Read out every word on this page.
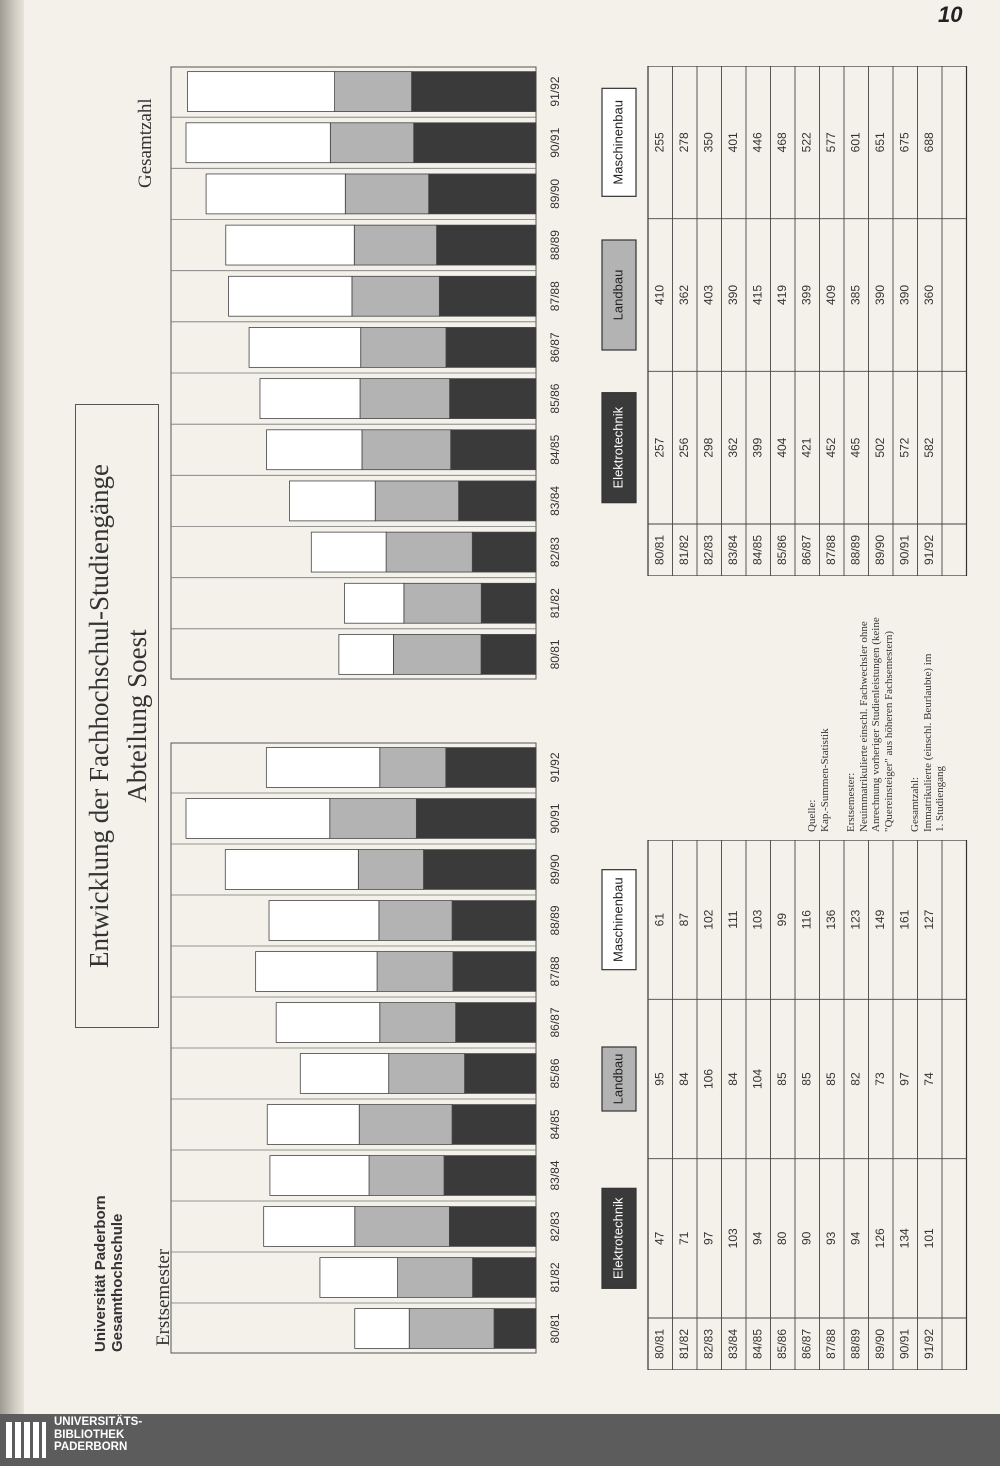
10
Universität Paderborn Gesamthochschule
Entwicklung der Fachhochschul-Studiengänge Abteilung Soest
Erstsemester
Gesamtzahl
80/81
81/82
82/83
83/84
84/85
85/86
86/87
87/88
88/89
89/90
90/91
91/92
80/81
81/82
82/83
83/84
84/85
85/86
86/87
87/88
88/89
89/90
90/91
91/92
Elektrotechnik
Landbau
Maschinenbau
80/81
47
95
61
81/82
71
84
87
82/83
97
106
102
83/84
103
84
111
84/85
94
104
103
85/86
80
85
99
86/87
90
85
116
87/88
93
85
136
88/89
94
82
123
89/90
126
73
149
90/91
134
97
161
91/92
101
74
127
Elektrotechnik
Landbau
Maschinenbau
80/81
257
410
255
81/82
256
362
278
82/83
298
403
350
83/84
362
390
401
84/85
399
415
446
85/86
404
419
468
86/87
421
399
522
87/88
452
409
577
88/89
465
385
601
89/90
502
390
651
90/91
572
390
675
91/92
582
360
688
Quelle: Kap.-Summen-Statistik Erstsemester: Neuimmatrikulierte einschl. Fachwechsler ohne Anrechnung vorheriger Studienleistungen (keine "Quereinsteiger" aus höheren Fachsemestern) Gesamtzahl: Immatrikulierte (einschl. Beurlaubte) im 1. Studiengang
UNIVERSITÄTS-
BIBLIOTHEK
PADERBORN
